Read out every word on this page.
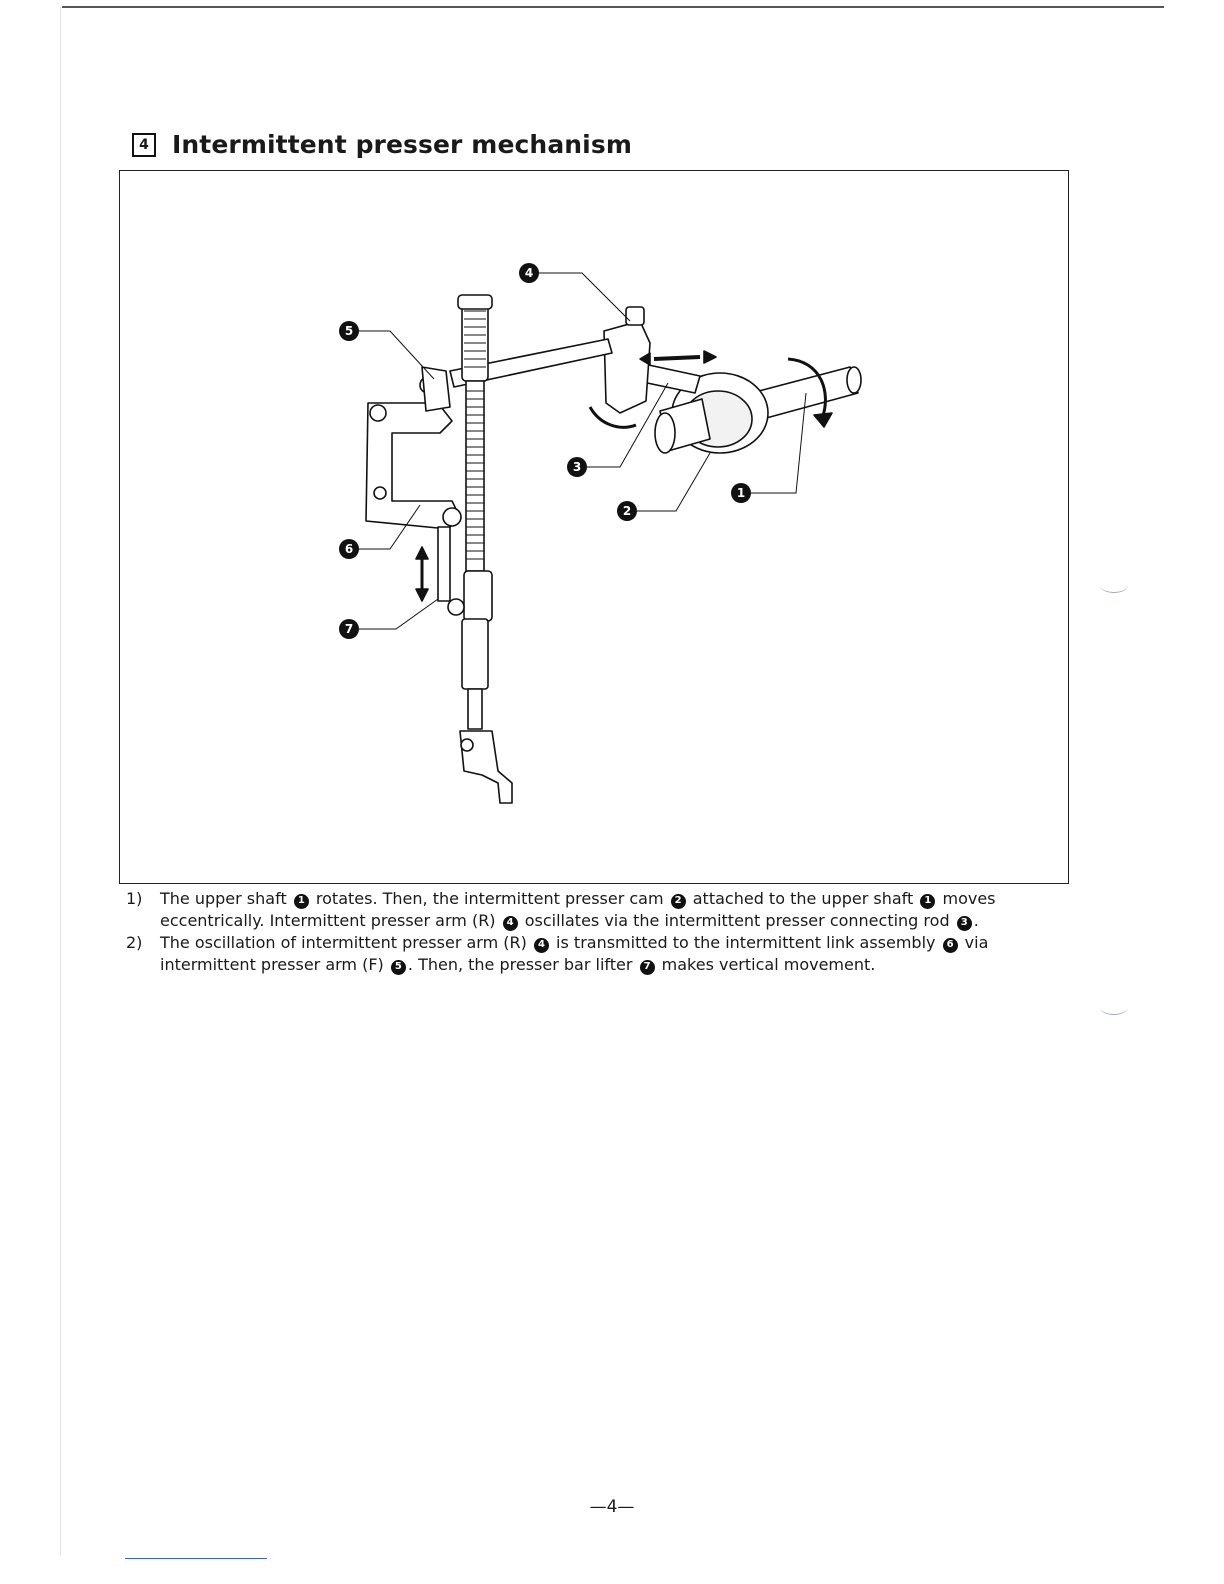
4 Intermittent presser mechanism
4
5
3
2
1
6
7
1)	The upper shaft 1 rotates. Then, the intermittent presser cam 2 attached to the upper shaft 1 moves eccentrically. Intermittent presser arm (R) 4 oscillates via the intermittent presser connecting rod 3 .
2)	The oscillation of intermittent presser arm (R) 4 is transmitted to the intermittent link assembly 6 via intermittent presser arm (F) 5 . Then, the presser bar lifter 7 makes vertical movement.
—4—
